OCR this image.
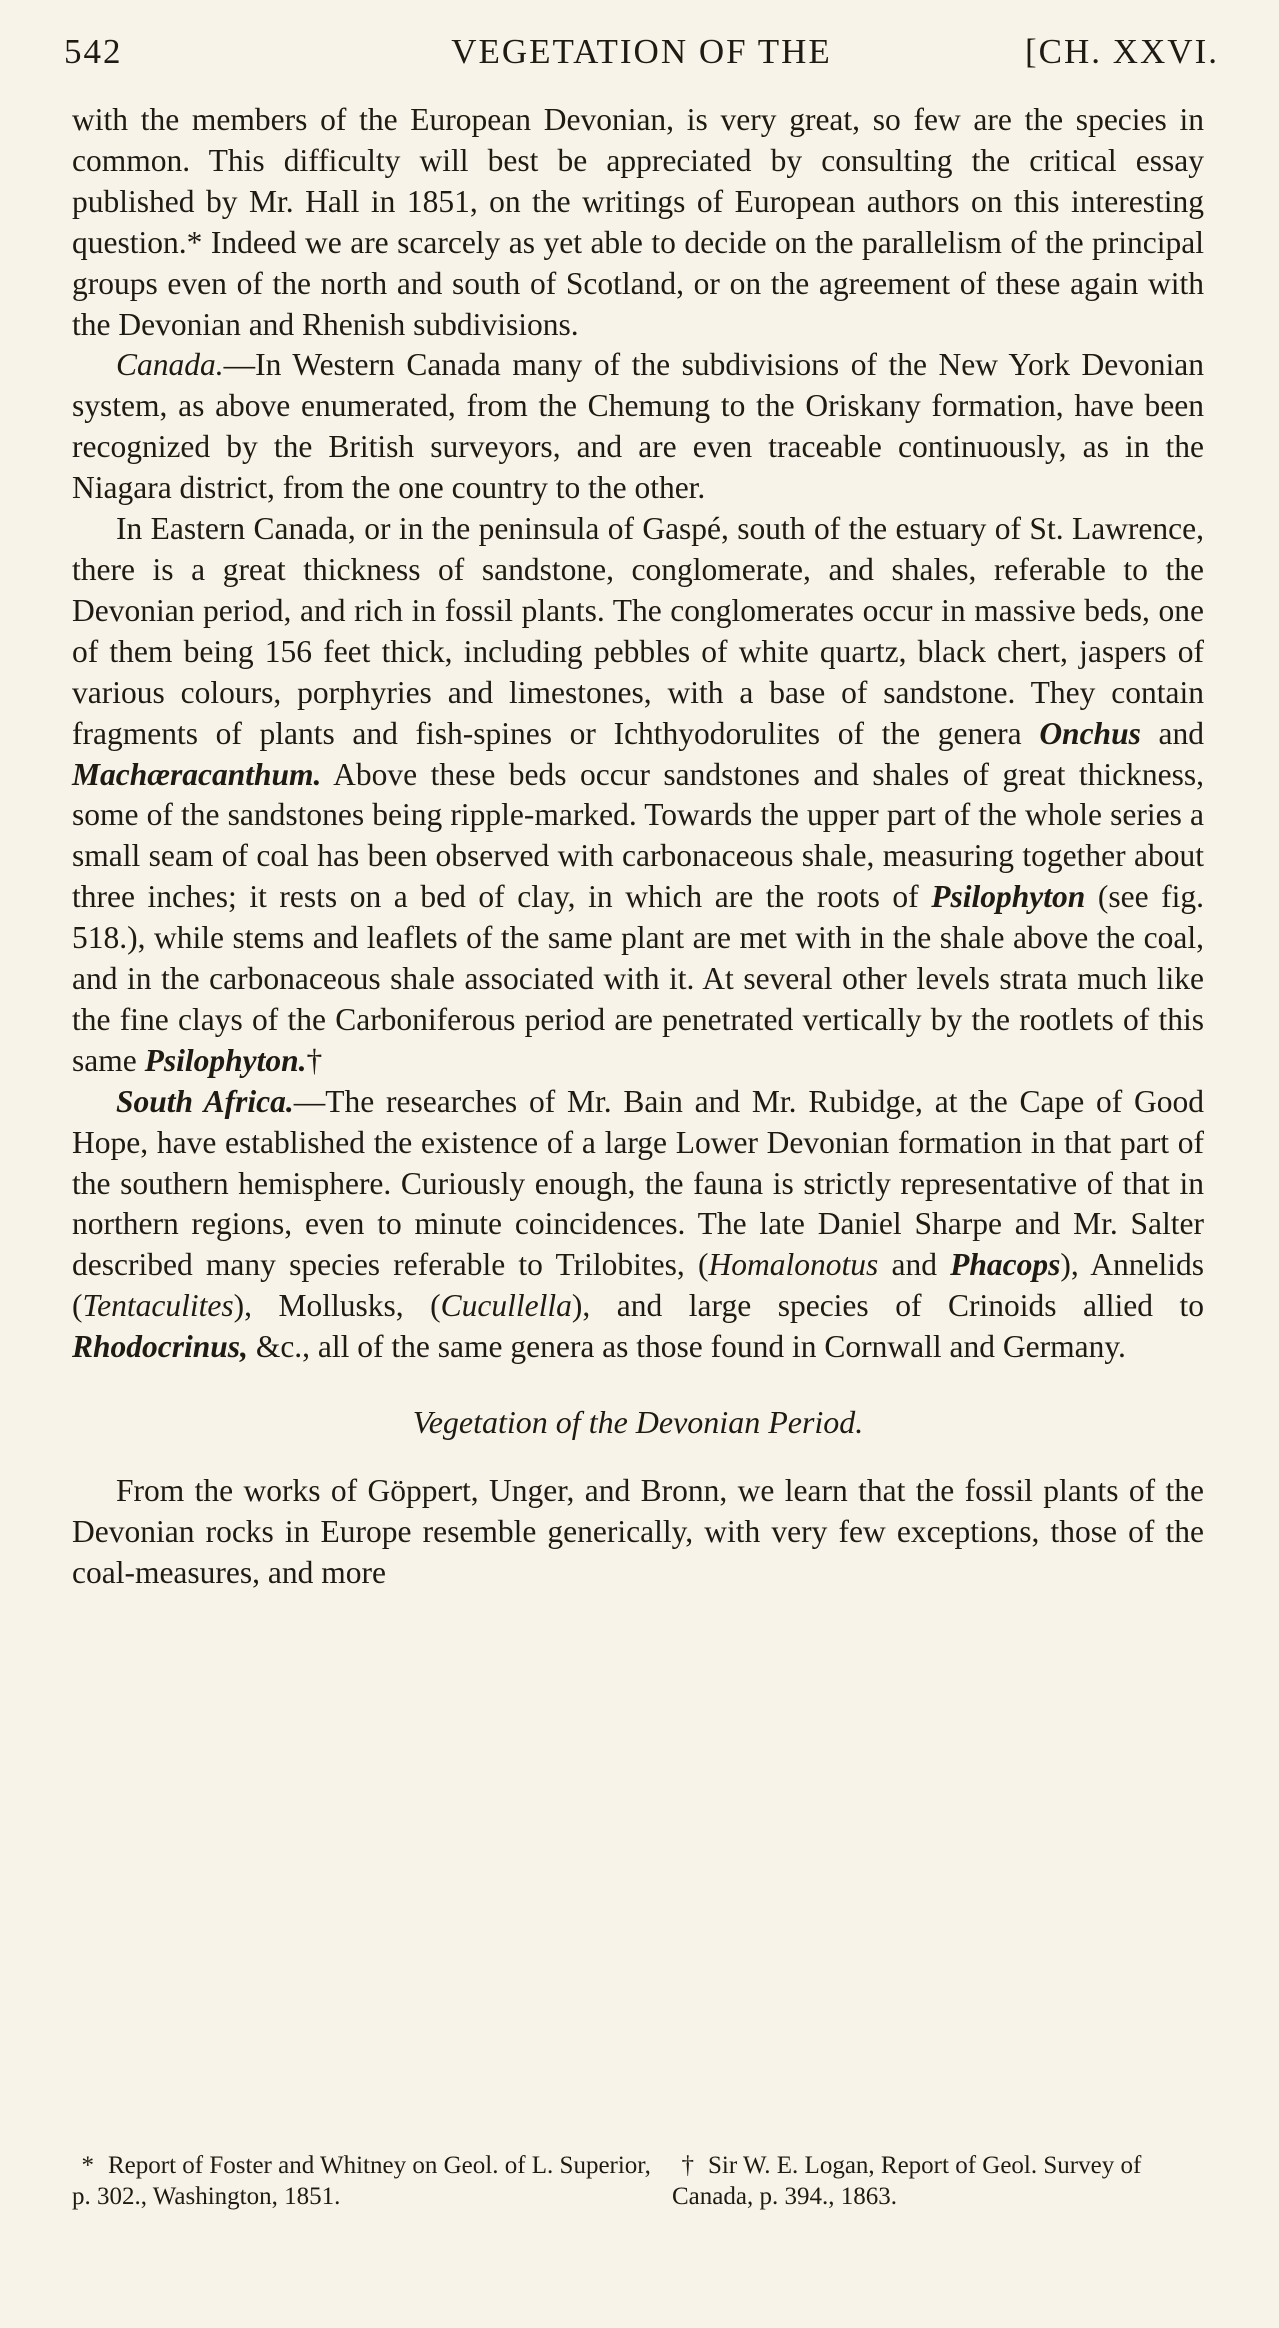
542	VEGETATION OF THE	[CH. XXVI.

with the members of the European Devonian, is very great, so few are the species in common. This difficulty will best be appreciated by consulting the critical essay published by Mr. Hall in 1851, on the writings of European authors on this interesting question.* Indeed we are scarcely as yet able to decide on the parallelism of the principal groups even of the north and south of Scotland, or on the agreement of these again with the Devonian and Rhenish subdivisions.

Canada.—In Western Canada many of the subdivisions of the New York Devonian system, as above enumerated, from the Chemung to the Oriskany formation, have been recognized by the British surveyors, and are even traceable continuously, as in the Niagara district, from the one country to the other.

In Eastern Canada, or in the peninsula of Gaspé, south of the estuary of St. Lawrence, there is a great thickness of sandstone, conglomerate, and shales, referable to the Devonian period, and rich in fossil plants. The conglomerates occur in massive beds, one of them being 156 feet thick, including pebbles of white quartz, black chert, jaspers of various colours, porphyries and limestones, with a base of sandstone. They contain fragments of plants and fish-spines or Ichthyodorulites of the genera Onchus and Machæracanthum. Above these beds occur sandstones and shales of great thickness, some of the sandstones being ripple-marked. Towards the upper part of the whole series a small seam of coal has been observed with carbonaceous shale, measuring together about three inches; it rests on a bed of clay, in which are the roots of Psilophyton (see fig. 518.), while stems and leaflets of the same plant are met with in the shale above the coal, and in the carbonaceous shale associated with it. At several other levels strata much like the fine clays of the Carboniferous period are penetrated vertically by the rootlets of this same Psilophyton.†

South Africa.—The researches of Mr. Bain and Mr. Rubidge, at the Cape of Good Hope, have established the existence of a large Lower Devonian formation in that part of the southern hemisphere. Curiously enough, the fauna is strictly representative of that in northern regions, even to minute coincidences. The late Daniel Sharpe and Mr. Salter described many species referable to Trilobites, (Homalonotus and Phacops), Annelids (Tentaculites), Mollusks, (Cucullella), and large species of Crinoids allied to Rhodocrinus, &c., all of the same genera as those found in Cornwall and Germany.

Vegetation of the Devonian Period.

From the works of Göppert, Unger, and Bronn, we learn that the fossil plants of the Devonian rocks in Europe resemble generically, with very few exceptions, those of the coal-measures, and more

* Report of Foster and Whitney on Geol. of L. Superior, p. 302., Washington, 1851.
† Sir W. E. Logan, Report of Geol. Survey of Canada, p. 394., 1863.
